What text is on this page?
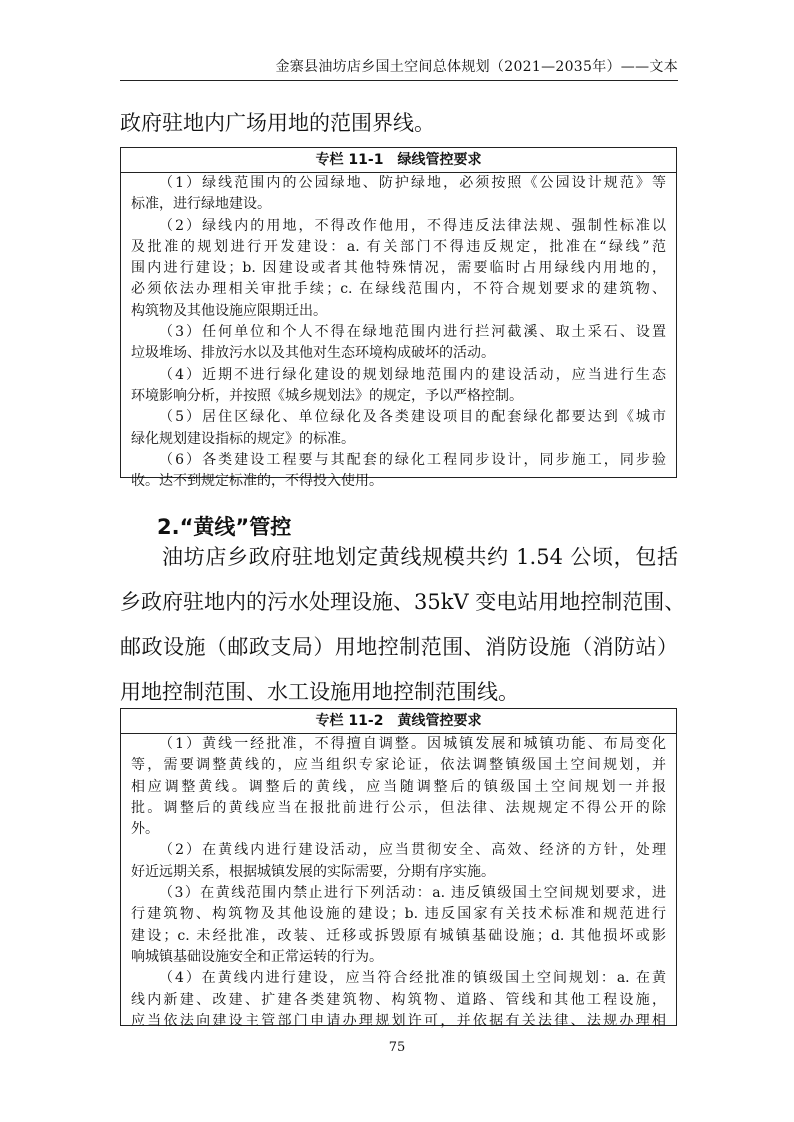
金寨县油坊店乡国土空间总体规划（2021—2035年）——文本
政府驻地内广场用地的范围界线。
专栏 11-1　绿线管控要求
（1）绿线范围内的公园绿地、防护绿地，必须按照《公园设计规范》等
标准，进行绿地建设。
（2）绿线内的用地，不得改作他用，不得违反法律法规、强制性标准以
及批准的规划进行开发建设：a. 有关部门不得违反规定，批准在“绿线”范
围内进行建设；b. 因建设或者其他特殊情况，需要临时占用绿线内用地的，
必须依法办理相关审批手续；c. 在绿线范围内，不符合规划要求的建筑物、
构筑物及其他设施应限期迁出。
（3）任何单位和个人不得在绿地范围内进行拦河截溪、取土采石、设置
垃圾堆场、排放污水以及其他对生态环境构成破坏的活动。
（4）近期不进行绿化建设的规划绿地范围内的建设活动，应当进行生态
环境影响分析，并按照《城乡规划法》的规定，予以严格控制。
（5）居住区绿化、单位绿化及各类建设项目的配套绿化都要达到《城市
绿化规划建设指标的规定》的标准。
（6）各类建设工程要与其配套的绿化工程同步设计，同步施工，同步验
收。达不到规定标准的，不得投入使用。
2.“黄线”管控
油坊店乡政府驻地划定黄线规模共约 1.54 公顷，包括
乡政府驻地内的污水处理设施、35kV 变电站用地控制范围、
邮政设施（邮政支局）用地控制范围、消防设施（消防站）
用地控制范围、水工设施用地控制范围线。
专栏 11-2　黄线管控要求
（1）黄线一经批准，不得擅自调整。因城镇发展和城镇功能、布局变化
等，需要调整黄线的，应当组织专家论证，依法调整镇级国土空间规划，并
相应调整黄线。调整后的黄线，应当随调整后的镇级国土空间规划一并报
批。调整后的黄线应当在报批前进行公示，但法律、法规规定不得公开的除
外。
（2）在黄线内进行建设活动，应当贯彻安全、高效、经济的方针，处理
好近远期关系，根据城镇发展的实际需要，分期有序实施。
（3）在黄线范围内禁止进行下列活动：a. 违反镇级国土空间规划要求，进
行建筑物、构筑物及其他设施的建设；b. 违反国家有关技术标准和规范进行
建设；c. 未经批准，改装、迁移或拆毁原有城镇基础设施；d. 其他损坏或影
响城镇基础设施安全和正常运转的行为。
（4）在黄线内进行建设，应当符合经批准的镇级国土空间规划：a. 在黄
线内新建、改建、扩建各类建筑物、构筑物、道路、管线和其他工程设施，
应当依法向建设主管部门申请办理规划许可，并依据有关法律、法规办理相
75
